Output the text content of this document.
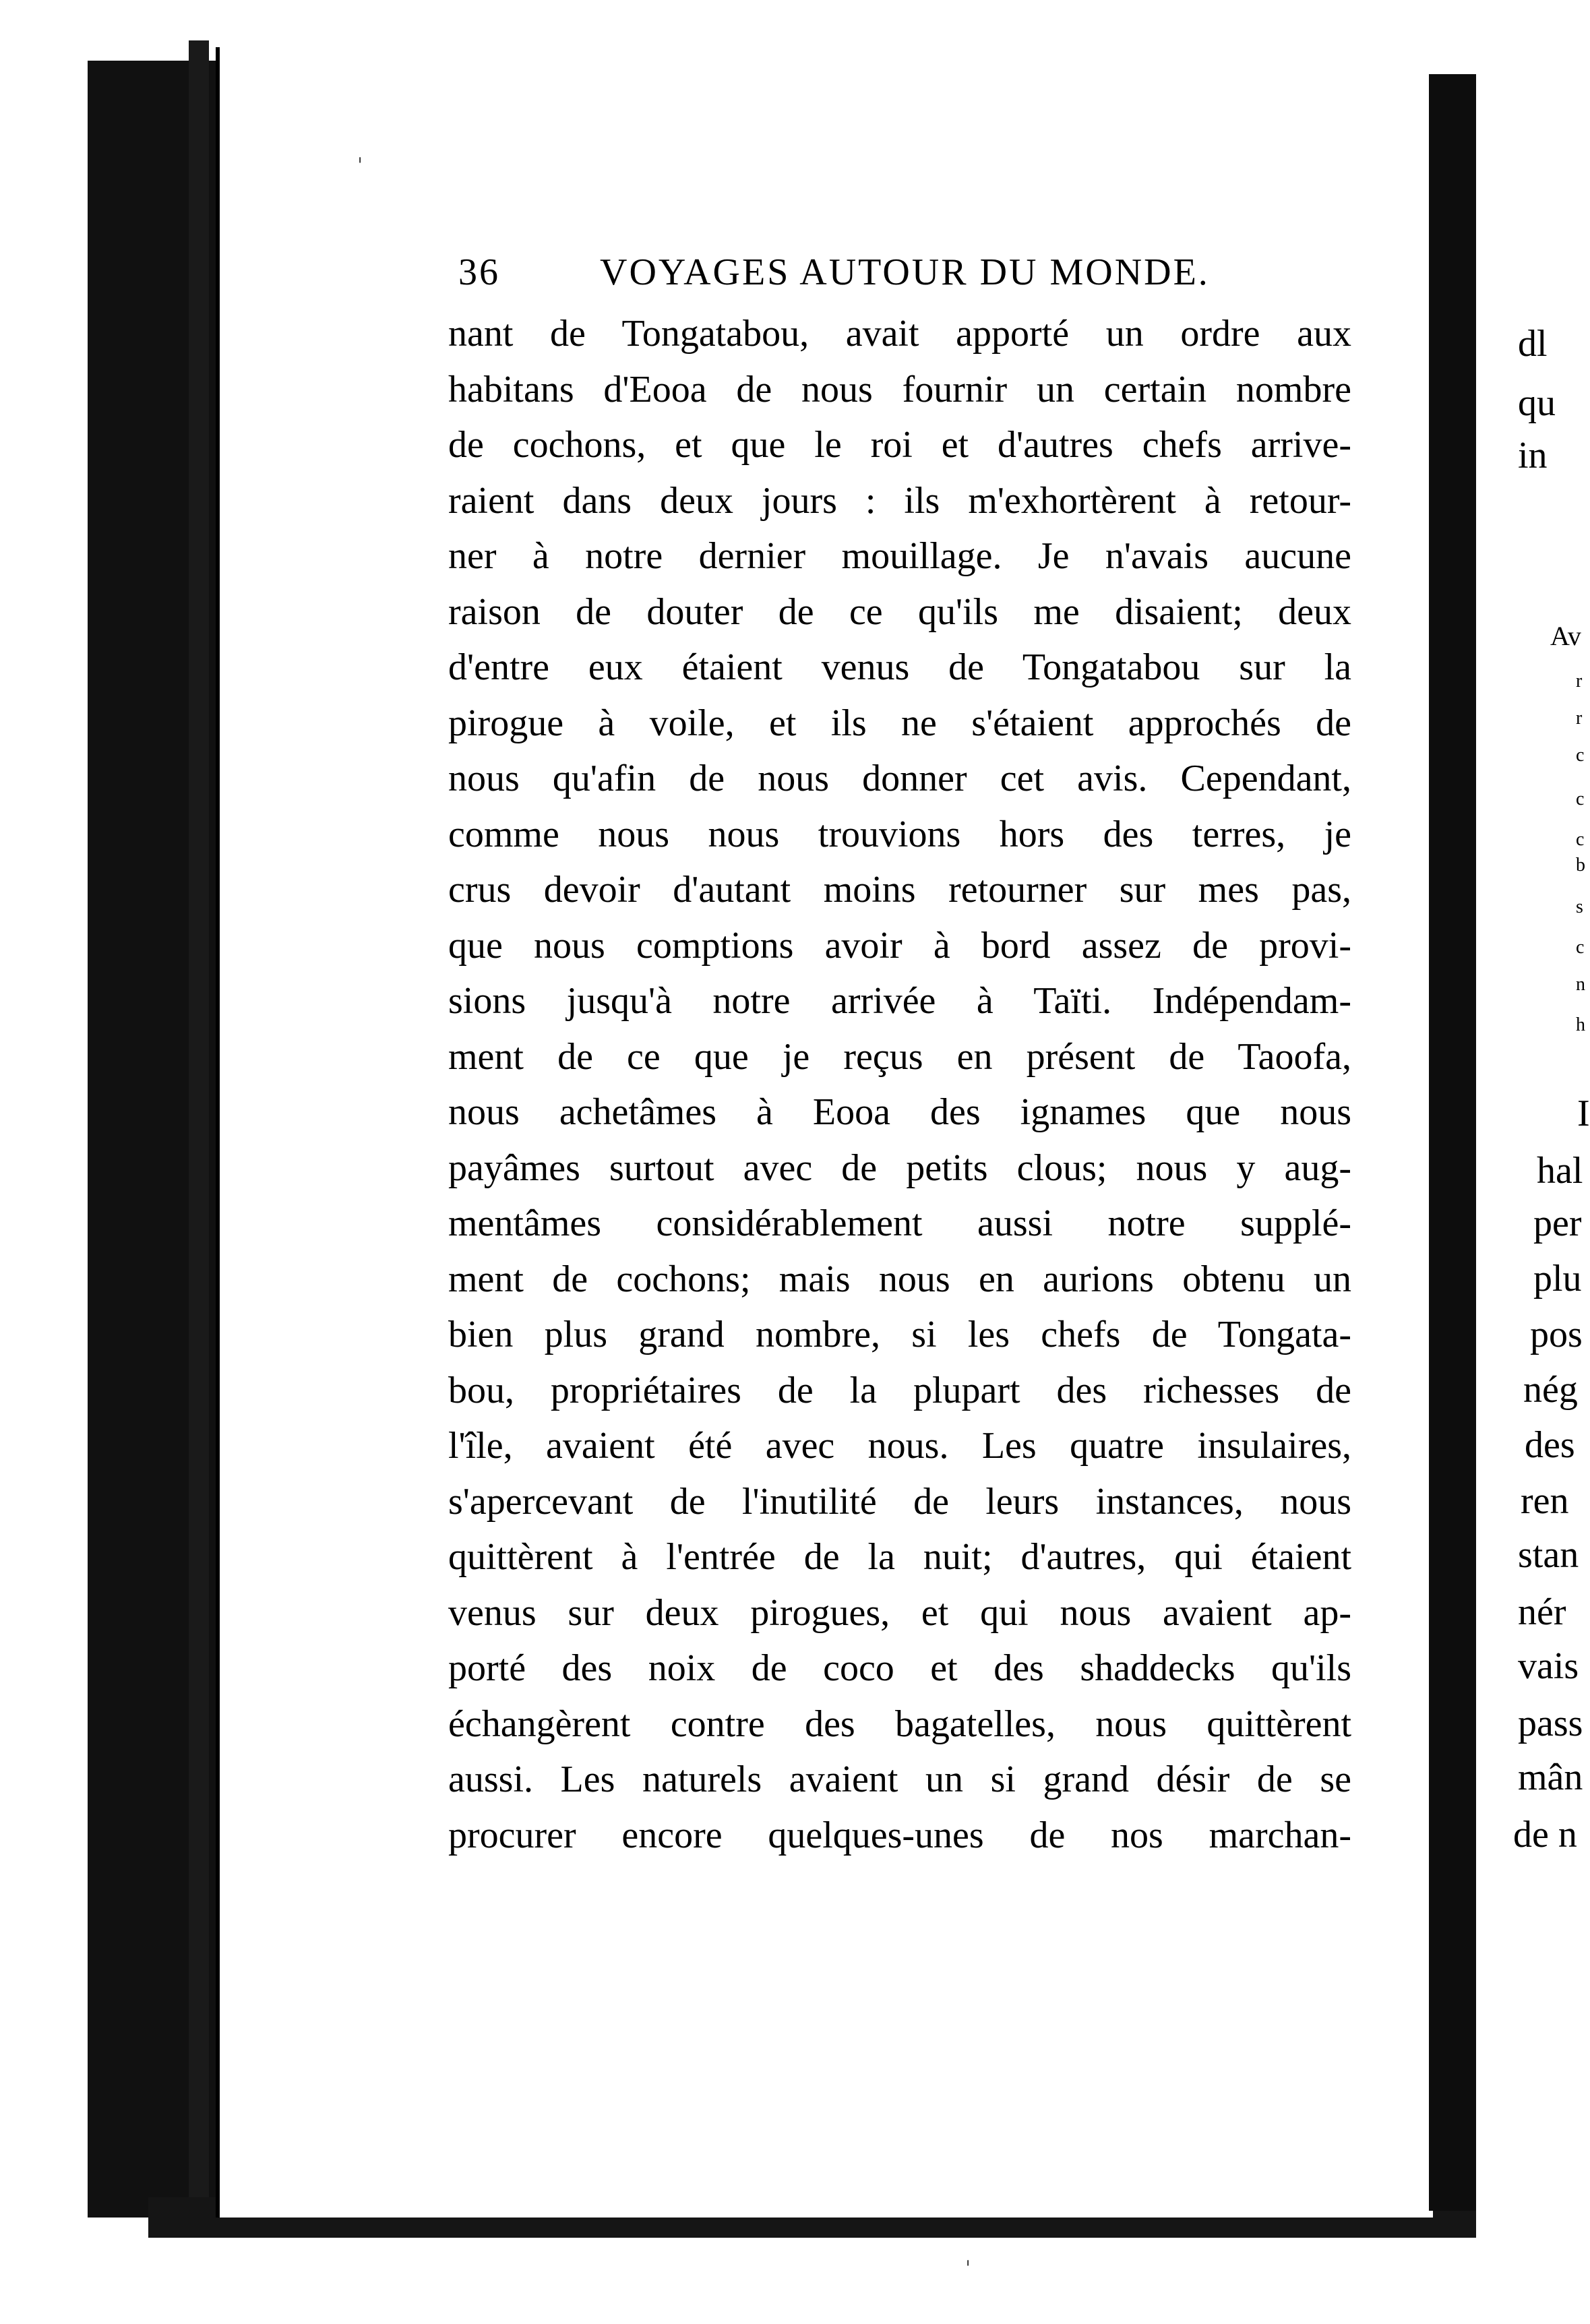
36	VOYAGES AUTOUR DU MONDE.
nant de Tongatabou, avait apporté un ordre aux
habitans d'Eooa de nous fournir un certain nombre
de cochons, et que le roi et d'autres chefs arrive-
raient dans deux jours : ils m'exhortèrent à retour-
ner à notre dernier mouillage. Je n'avais aucune
raison de douter de ce qu'ils me disaient; deux
d'entre eux étaient venus de Tongatabou sur la
pirogue à voile, et ils ne s'étaient approchés de
nous qu'afin de nous donner cet avis. Cependant,
comme nous nous trouvions hors des terres, je
crus devoir d'autant moins retourner sur mes pas,
que nous comptions avoir à bord assez de provi-
sions jusqu'à notre arrivée à Taïti. Indépendam-
ment de ce que je reçus en présent de Taoofa,
nous achetâmes à Eooa des ignames que nous
payâmes surtout avec de petits clous; nous y aug-
mentâmes considérablement aussi notre supplé-
ment de cochons; mais nous en aurions obtenu un
bien plus grand nombre, si les chefs de Tongata-
bou, propriétaires de la plupart des richesses de
l'île, avaient été avec nous. Les quatre insulaires,
s'apercevant de l'inutilité de leurs instances, nous
quittèrent à l'entrée de la nuit; d'autres, qui étaient
venus sur deux pirogues, et qui nous avaient ap-
porté des noix de coco et des shaddecks qu'ils
échangèrent contre des bagatelles, nous quittèrent
aussi. Les naturels avaient un si grand désir de se
procurer encore quelques-unes de nos marchan-
dl
qu
in
Av
r
r
c
c
c
b
s
c
n
h
I
hal
per
plu
pos
nég
des
ren
stan
nér
vais
pass
mân
de n
ˌ
ˌ
